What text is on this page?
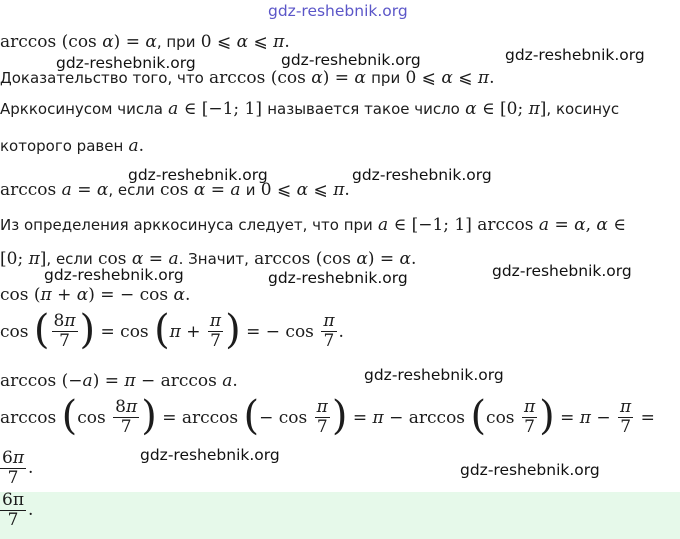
gdz-reshebnik.org
gdz-reshebnik.org	gdz-reshebnik.org	gdz-reshebnik.org
gdz-reshebnik.org	gdz-reshebnik.org
gdz-reshebnik.org	gdz-reshebnik.org	gdz-reshebnik.org
gdz-reshebnik.org
gdz-reshebnik.org
gdz-reshebnik.org
arccos (cos α) = α, при 0 ⩽ α ⩽ π.
Доказательство того, что arccos (cos α) = α при 0 ⩽ α ⩽ π.
Арккосинусом числа a ∈ [−1; 1] называется такое число α ∈ [0; π], косинус
которого равен a.
arccos a = α, если cos α = a и 0 ⩽ α ⩽ π.
Из определения арккосинуса следует, что при a ∈ [−1; 1] arccos a = α, α ∈
[0; π], если cos α = a. Значит, arccos (cos α) = α.
cos (π + α) = − cos α.
cos ( $\frac{8\pi}{7}$ ) = $\cos (\pi + \frac{\pi}{7}$ ) = − $\cos \frac{\pi}{7}$ .
arccos (−a) = π − arccos a.
$\arccos (\cos \frac{8\pi}{7}$ ) = arccos (− $\cos \frac{\pi}{7}$ ) = $\pi - \arccos (\cos \frac{\pi}{7}$ ) = $\pi - \frac{\pi}{7}$ =
$\frac{6\pi}{7}$ .
$\frac{6\pi}{7}$ .
